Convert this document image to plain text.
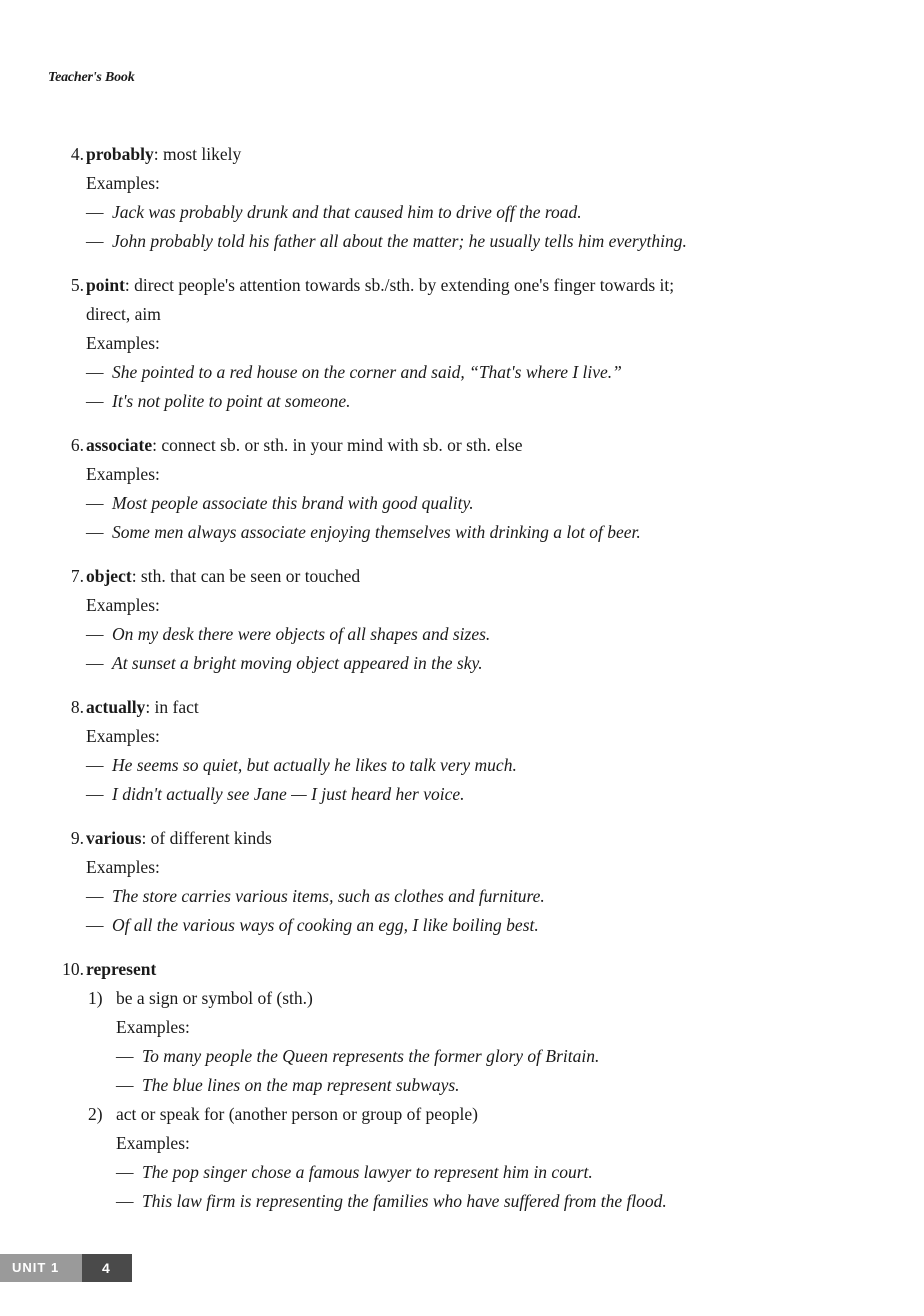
Teacher's Book
4. probably: most likely
Examples:
— Jack was probably drunk and that caused him to drive off the road.
— John probably told his father all about the matter; he usually tells him everything.
5. point: direct people's attention towards sb./sth. by extending one's finger towards it;
direct, aim
Examples:
— She pointed to a red house on the corner and said, “That's where I live.”
— It's not polite to point at someone.
6. associate: connect sb. or sth. in your mind with sb. or sth. else
Examples:
— Most people associate this brand with good quality.
— Some men always associate enjoying themselves with drinking a lot of beer.
7. object: sth. that can be seen or touched
Examples:
— On my desk there were objects of all shapes and sizes.
— At sunset a bright moving object appeared in the sky.
8. actually: in fact
Examples:
— He seems so quiet, but actually he likes to talk very much.
— I didn't actually see Jane — I just heard her voice.
9. various: of different kinds
Examples:
— The store carries various items, such as clothes and furniture.
— Of all the various ways of cooking an egg, I like boiling best.
10. represent
1) be a sign or symbol of (sth.)
Examples:
— To many people the Queen represents the former glory of Britain.
— The blue lines on the map represent subways.
2) act or speak for (another person or group of people)
Examples:
— The pop singer chose a famous lawyer to represent him in court.
— This law firm is representing the families who have suffered from the flood.
UNIT 1	4
